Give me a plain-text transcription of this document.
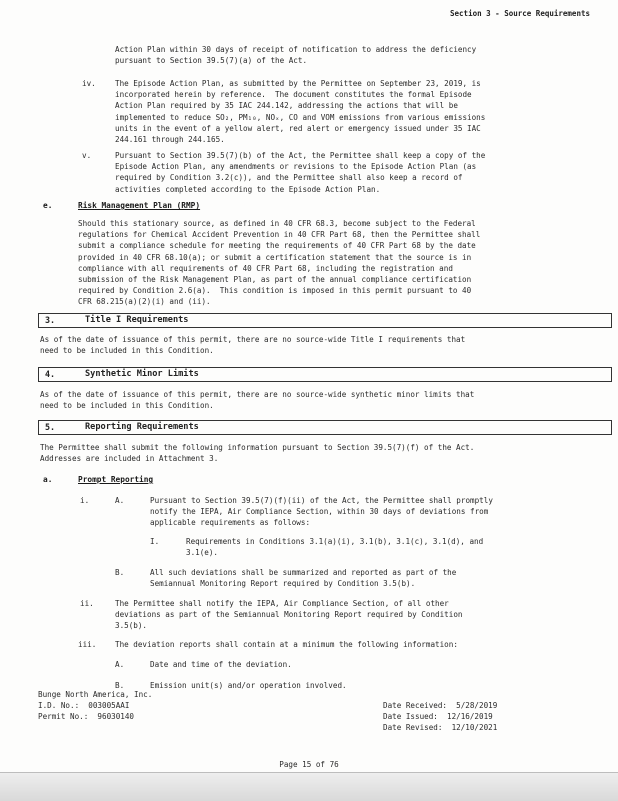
Section 3 - Source Requirements
Action Plan within 30 days of receipt of notification to address the deficiency
pursuant to Section 39.5(7)(a) of the Act.
iv.	The Episode Action Plan, as submitted by the Permittee on September 23, 2019, is
incorporated herein by reference.  The document constitutes the formal Episode
Action Plan required by 35 IAC 244.142, addressing the actions that will be
implemented to reduce SO₂, PM₁₀, NOₓ, CO and VOM emissions from various emissions
units in the event of a yellow alert, red alert or emergency issued under 35 IAC
244.161 through 244.165.
v.	Pursuant to Section 39.5(7)(b) of the Act, the Permittee shall keep a copy of the
Episode Action Plan, any amendments or revisions to the Episode Action Plan (as
required by Condition 3.2(c)), and the Permittee shall also keep a record of
activities completed according to the Episode Action Plan.
e.	Risk Management Plan (RMP)
Should this stationary source, as defined in 40 CFR 68.3, become subject to the Federal
regulations for Chemical Accident Prevention in 40 CFR Part 68, then the Permittee shall
submit a compliance schedule for meeting the requirements of 40 CFR Part 68 by the date
provided in 40 CFR 68.10(a); or submit a certification statement that the source is in
compliance with all requirements of 40 CFR Part 68, including the registration and
submission of the Risk Management Plan, as part of the annual compliance certification
required by Condition 2.6(a).  This condition is imposed in this permit pursuant to 40
CFR 68.215(a)(2)(i) and (ii).
3.	Title I Requirements
As of the date of issuance of this permit, there are no source-wide Title I requirements that
need to be included in this Condition.
4.	Synthetic Minor Limits
As of the date of issuance of this permit, there are no source-wide synthetic minor limits that
need to be included in this Condition.
5.	Reporting Requirements
The Permittee shall submit the following information pursuant to Section 39.5(7)(f) of the Act.
Addresses are included in Attachment 3.
a.	Prompt Reporting
i.	A.	Pursuant to Section 39.5(7)(f)(ii) of the Act, the Permittee shall promptly
notify the IEPA, Air Compliance Section, within 30 days of deviations from
applicable requirements as follows:
I.	Requirements in Conditions 3.1(a)(i), 3.1(b), 3.1(c), 3.1(d), and
3.1(e).
B.	All such deviations shall be summarized and reported as part of the
Semiannual Monitoring Report required by Condition 3.5(b).
ii.	The Permittee shall notify the IEPA, Air Compliance Section, of all other
deviations as part of the Semiannual Monitoring Report required by Condition
3.5(b).
iii. The deviation reports shall contain at a minimum the following information:
A.	Date and time of the deviation.
B.	Emission unit(s) and/or operation involved.
Bunge North America, Inc.
I.D. No.:  003005AAI
Permit No.:  96030140
Date Received:  5/28/2019
Date Issued:  12/16/2019
Date Revised:  12/10/2021
Page 15 of 76
